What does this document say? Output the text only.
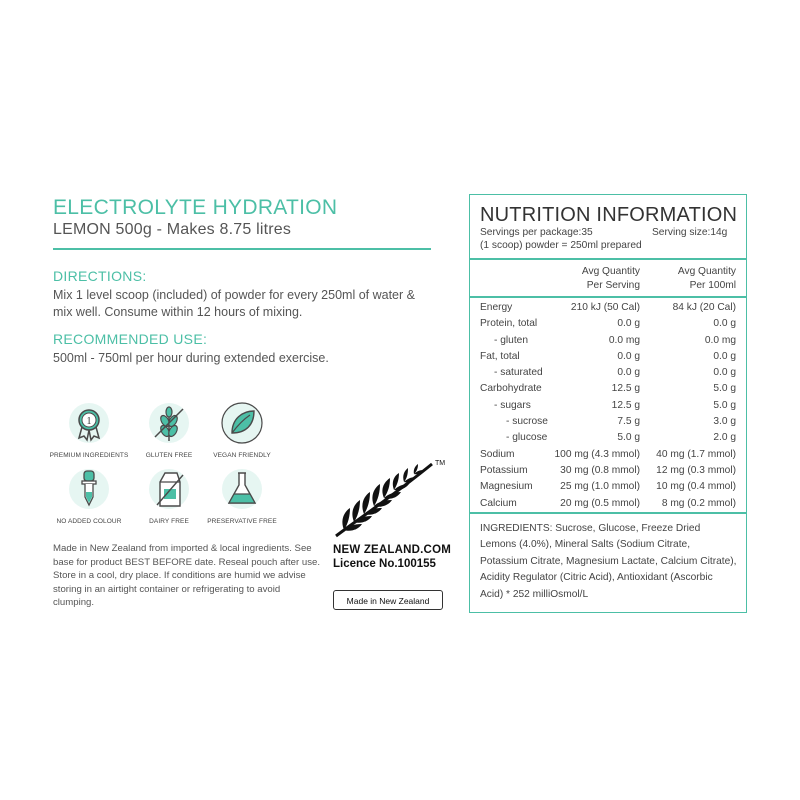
ELECTROLYTE HYDRATION
LEMON 500g - Makes 8.75 litres
DIRECTIONS:
Mix 1 level scoop (included) of powder for every 250ml of water & mix well. Consume within 12 hours of mixing.
RECOMMENDED USE:
500ml - 750ml per hour during extended exercise.
1
PREMIUM INGREDIENTS	GLUTEN FREE	VEGAN FRIENDLY
NO ADDED COLOUR	DAIRY FREE	PRESERVATIVE FREE
Made in New Zealand from imported & local ingredients. See base for product BEST BEFORE date. Reseal pouch after use. Store in a cool, dry place. If conditions are humid we advise storing in an airtight container or refrigerating to avoid clumping.
TM
NEW ZEALAND.COM
Licence No.100155
Made in New Zealand
NUTRITION INFORMATION
Servings per package:35	Serving size:14g
(1 scoop) powder = 250ml prepared
Avg Quantity
Per Serving
Avg Quantity
Per 100ml
Energy	210 kJ (50 Cal)	84 kJ (20 Cal)
Protein, total	0.0 g	0.0 g
- gluten	0.0 mg	0.0 mg
Fat, total	0.0 g	0.0 g
- saturated	0.0 g	0.0 g
Carbohydrate	12.5 g	5.0 g
- sugars	12.5 g	5.0 g
- sucrose	7.5 g	3.0 g
- glucose	5.0 g	2.0 g
Sodium	100 mg (4.3 mmol) 40 mg (1.7 mmol)
Potassium	30 mg (0.8 mmol) 12 mg (0.3 mmol)
Magnesium	25 mg (1.0 mmol) 10 mg (0.4 mmol)
Calcium	20 mg (0.5 mmol) 8 mg (0.2 mmol)
INGREDIENTS: Sucrose, Glucose, Freeze Dried Lemons (4.0%), Mineral Salts (Sodium Citrate, Potassium Citrate, Magnesium Lactate, Calcium Citrate), Acidity Regulator (Citric Acid), Antioxidant (Ascorbic Acid) * 252 milliOsmol/L
